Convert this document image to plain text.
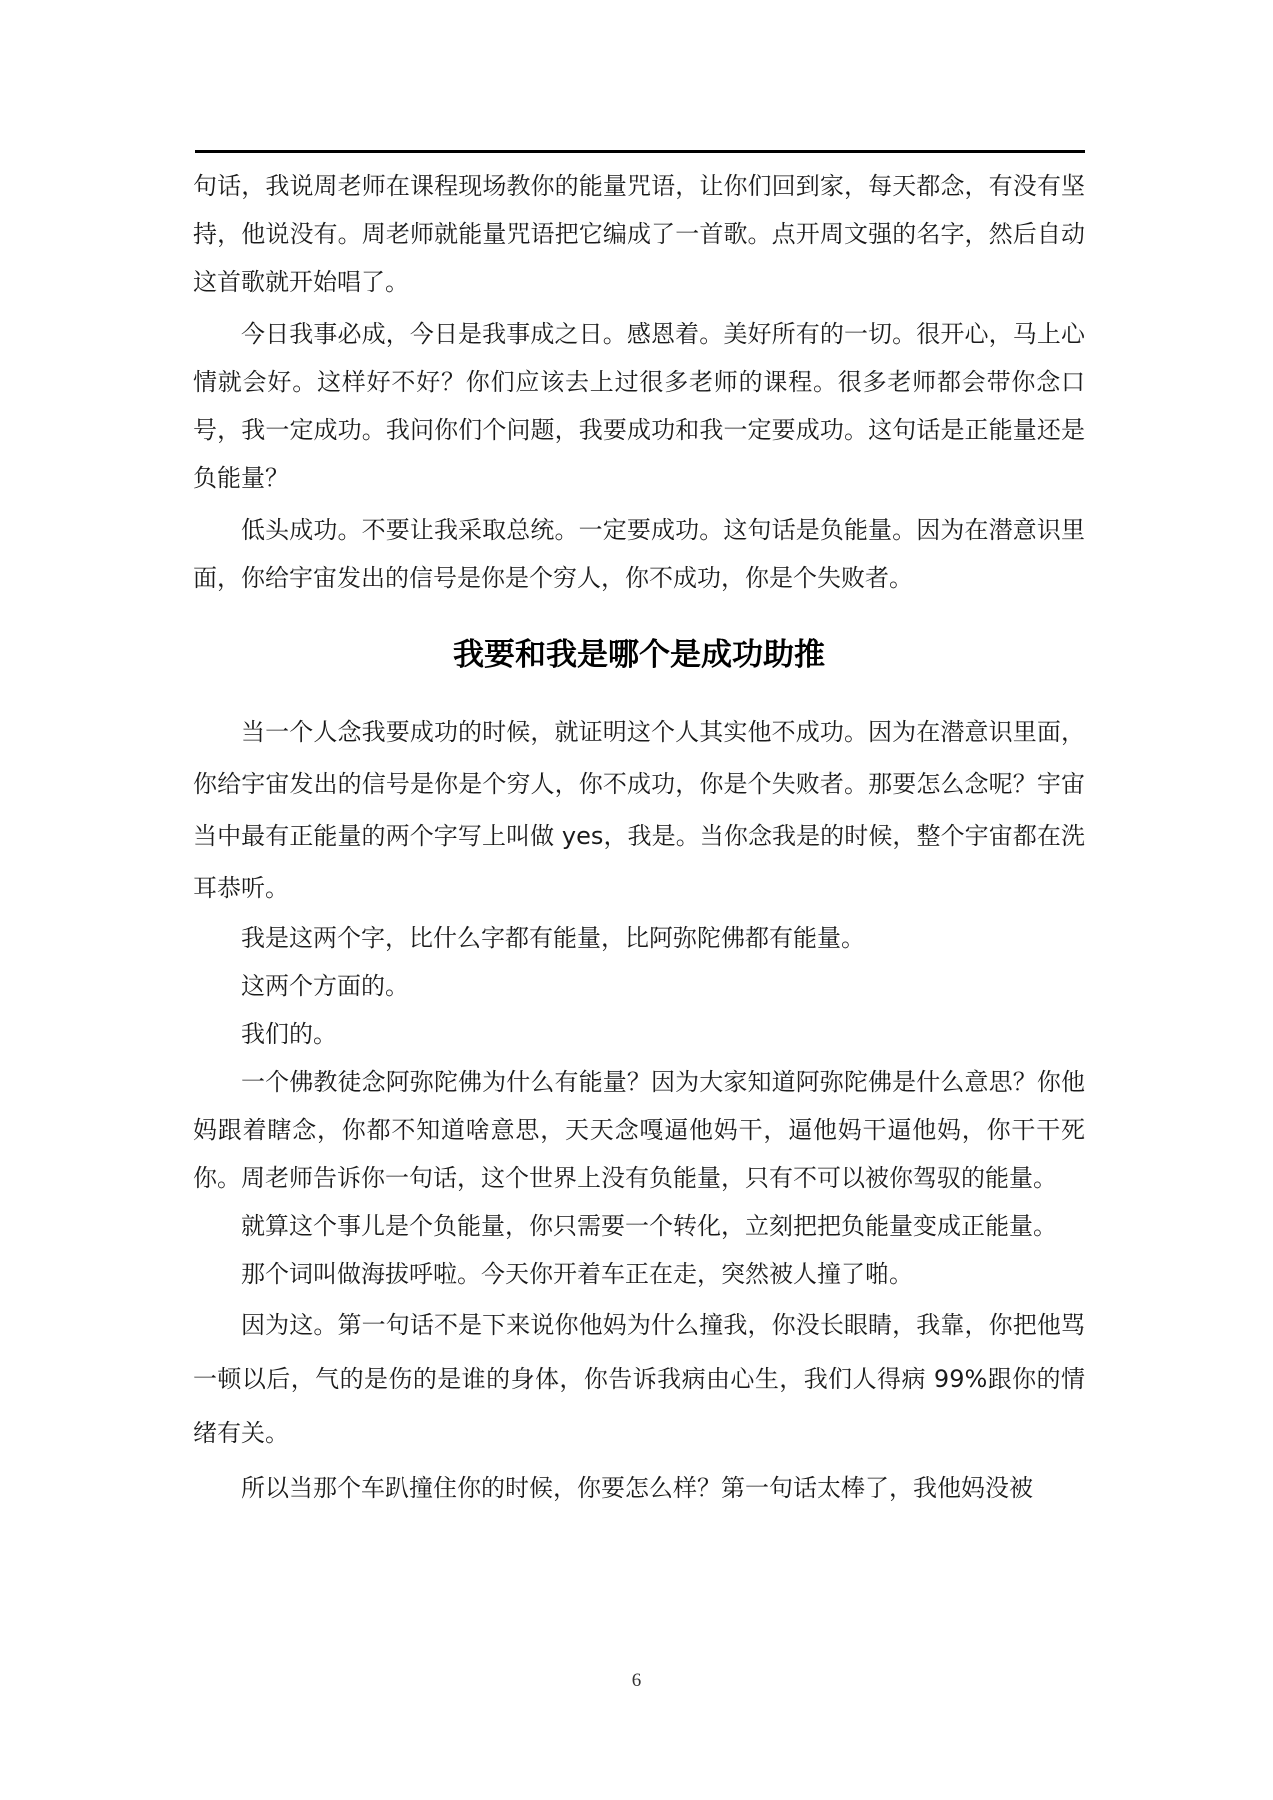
句话，我说周老师在课程现场教你的能量咒语，让你们回到家，每天都念，有没有坚持，他说没有。周老师就能量咒语把它编成了一首歌。点开周文强的名字，然后自动这首歌就开始唱了。

今日我事必成，今日是我事成之日。感恩着。美好所有的一切。很开心，马上心情就会好。这样好不好？你们应该去上过很多老师的课程。很多老师都会带你念口号，我一定成功。我问你们个问题，我要成功和我一定要成功。这句话是正能量还是负能量？

低头成功。不要让我采取总统。一定要成功。这句话是负能量。因为在潜意识里面，你给宇宙发出的信号是你是个穷人，你不成功，你是个失败者。

我要和我是哪个是成功助推

当一个人念我要成功的时候，就证明这个人其实他不成功。因为在潜意识里面，你给宇宙发出的信号是你是个穷人，你不成功，你是个失败者。那要怎么念呢？宇宙当中最有正能量的两个字写上叫做 yes，我是。当你念我是的时候，整个宇宙都在洗耳恭听。

我是这两个字，比什么字都有能量，比阿弥陀佛都有能量。

这两个方面的。

我们的。

一个佛教徒念阿弥陀佛为什么有能量？因为大家知道阿弥陀佛是什么意思？你他妈跟着瞎念，你都不知道啥意思，天天念嘎逼他妈干，逼他妈干逼他妈，你干干死你。周老师告诉你一句话，这个世界上没有负能量，只有不可以被你驾驭的能量。

就算这个事儿是个负能量，你只需要一个转化，立刻把把负能量变成正能量。

那个词叫做海拔呼啦。今天你开着车正在走，突然被人撞了啪。

因为这。第一句话不是下来说你他妈为什么撞我，你没长眼睛，我靠，你把他骂一顿以后，气的是伤的是谁的身体，你告诉我病由心生，我们人得病 99%跟你的情绪有关。

所以当那个车趴撞住你的时候，你要怎么样？第一句话太棒了，我他妈没被

6
